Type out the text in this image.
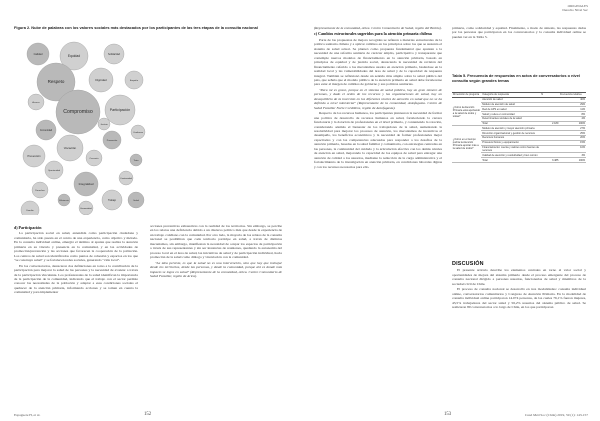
Figura 2. Nube de palabras con los valores sociales más destacados por los participantes de las tres etapas de la consulta nacional
Calidad	Equidad	Solidaridad
Respeto	Dignidad	Empatía
Compromiso
Acceso
Participación
Comunidad
Confianza
Prevención
Promoción
Vocación
Cercanía
Trato
Oportunidad
Continuidad
Integralidad
Derechos
Trabajo
Eficiencia
Familia
Humanidad
Salud
Justicia
d) Participación

La participación social en salud, entendida como participación ciudadana y comunitaria, ha sido puesta en el centro de una experiencia, como objetivo y método. En la consulta individual online, emergió el término al apunte que realiza la atención primaria en su vínculo y presencia en la comunidad, y en las actividades de promoción/prevención y las acciones que favorecen la cooperación de la población. Los centros de salud son identificados como puntos de cohesión y espacios en los que "se construye salud" y se fortalecen redes sociales, generando "vida local".

En los conversatorios, destacaron dos definiciones en torno a la contribución de la participación para mejorar la salud de las personas y la necesidad de avanzar a través de la participación vinculante. Los profesionales de la salud identifican la importancia de la participación de la comunidad, indicando que el trabajo con el sector permite conocer las necesidades de la población y adaptar a esas condiciones sociales el quehacer de la atención primaria, informando acciones y se tomen en cuenta la comunidad y para implementar

acciones preventivas exhaustivas con la realidad de los territorios. Sin embargo, se percibe en los relatos una deficiencia debido a un discurso político más que desde la experiencia de un trabajo cotidiano con la comunidad. Por otro lado, la mayoría de los relatos de la consulta nacional se posibilitan que cada territorio participe en salud, a través de distintos mecanismos, sin embargo, manifiestan la necesidad de ocupar los espacios de participación a través de sus representantes y sin ser instancias de reuniones, quedando la autonomía del proceso local en el área de salud, las iniciativas de salud y de participación individual, hacia promoción de la salud como diálogo y vinculación con la comunidad.

"La idea persiste, es que la salud no es una intervención, sino que hay que trabajar desde los territorios, desde las personas, y desde la comunidad, porque ahí es donde más impacto se logra en salud" (Representante de la comunidad, Arica. Centro Comunitario de Salud Familiar, región de Arica).

Espaguete H, et al.	152
ORIGINALES
Derecho Nivel Sec

(Representante de la comunidad, Arica. Centro Comunitario de Salud, región del Biobío).

c) Cambios estructurales sugeridos para la atención primaria chilena

Parte de las propuestas de mejora recogidas se refieren a materias estructurales de la política sanitaria chilena y a aplicar cambios en los principios sobre los que se sustenta el sistema de salud actual. Se planteó como propuesta fundamental que apuntan a la necesidad de una reforma sanitaria de carácter amplio, participativo y transparente que contemple nuevos modelos de financiamiento en la atención primaria, basado en principios de equidad y de justicia social, destacando la necesidad de revisión del financiamiento referido a los mecanismos usados en atención primaria, basándose en la realidad local y las vulnerabilidades del área de salud y de la capacidad de respuesta integral. También se reflexionó desde un sentido más amplio sobre la salud pública del país, que señala que el modelo público de la atención primaria en salud debe fortalecerse para estar al margen de cambios de gobierno y sus políticas sanitarias.

"Para mí es grave, porque en el sistema de salud pública, hay un gran número de personas, y dado el orden de los recursos y las organizaciones de salud, hay un desequilibrio de la inversión en los diferentes niveles de atención en salud que no se ha definido a nivel ministerial" (Representante de la comunidad, Antofagasta. Centro de Salud Familiar Norte Cordillera, región de Antofagasta).

Respecto de los recursos humanos, los participantes plantearon la necesidad de formar una política de desarrollo de recursos humanos en salud, fortaleciendo la carrera funcionaria y la dotación de profesionales en el nivel primario, y conteniendo la rotación, considerando además el bienestar de los trabajadores de la salud, aumentando la resolutividad para mejorar los procesos de atención, los mecanismos de incentivos al desempeño, los beneficios económicos y la necesidad de formar profesionales mejor capacitados y con las competencias adecuadas para responder a los desafíos de la atención primaria, basadas en la salud familiar y comunitaria, con estrategias centradas en las personas, la continuidad del cuidado y la articulación efectiva con los demás niveles de atención en salud, mejorando la capacidad de los equipos de salud para entregar una atención de calidad a los usuarios, mediante la reducción de la carga administrativa y el fortalecimiento de la investigación en atención primaria, en condiciones laborales dignas y con los recursos necesarios para ello.

primaria, como solidaridad y equidad. Finalmente, a modo de síntesis, las respuestas dadas por las personas que participaron en los conversatorios y la consulta individual online se pueden ver en la Tabla 5.

Tabla 5. Frecuencia de respuestas en actos de conversatorios o nivel consulta según grandes temas
Dimensión de pregunta	Categoría de respuesta	N	Frecuencia relativa
¿Cómo la Atención Primaria está aportando a la salud de todos y todas?	Atención de salud		40%
	Modelo de atención de salud		29%
	Red de APS en salud		11%
	Salud y redes en comunidad		8%
	Determinantes sociales de la salud		4%
	Total	2.189	100%
¿Cómo en el tiempo podría la Atención Primaria aportar más a la salud de todos?	Modelo de atención y mayor atención primaria		27%
	Dirección organizacional y gestión de recursos		25%
	Recursos humanos		20%
	Procesos físicos y equipamiento		15%
	Financiamiento: cuenta y valores como fuentes de recursos		10%
	Calidad de atención y resolutividad y bien común		3%
	Total	3.485	100%
DISCUSIÓN

El presente artículo describe los elementos centrales en torno al valor social y oportunidades de mejora del sistema primario desde el proceso emergente del proceso de consulta nacional dirigido a personas usuarias, funcionarias de salud y miembros de la sociedad civil de Chile.

El proceso de consulta nacional se desarrolló en tres modalidades: consulta individual online, conversatorios comunitarios y Congreso de Atención Primaria. En la modalidad de consulta individual online participaron 14.074 personas, de las cuales 76,1% fueron mujeres, 43,5% trabajadores del sector salud y 56,2% usuarios del sistema público de salud. Se realizaron 80 conversatorios a lo largo de Chile, en los que participaron

153	Cuad Méd Soc (Chile) 2019, 59 (1): 143-157
